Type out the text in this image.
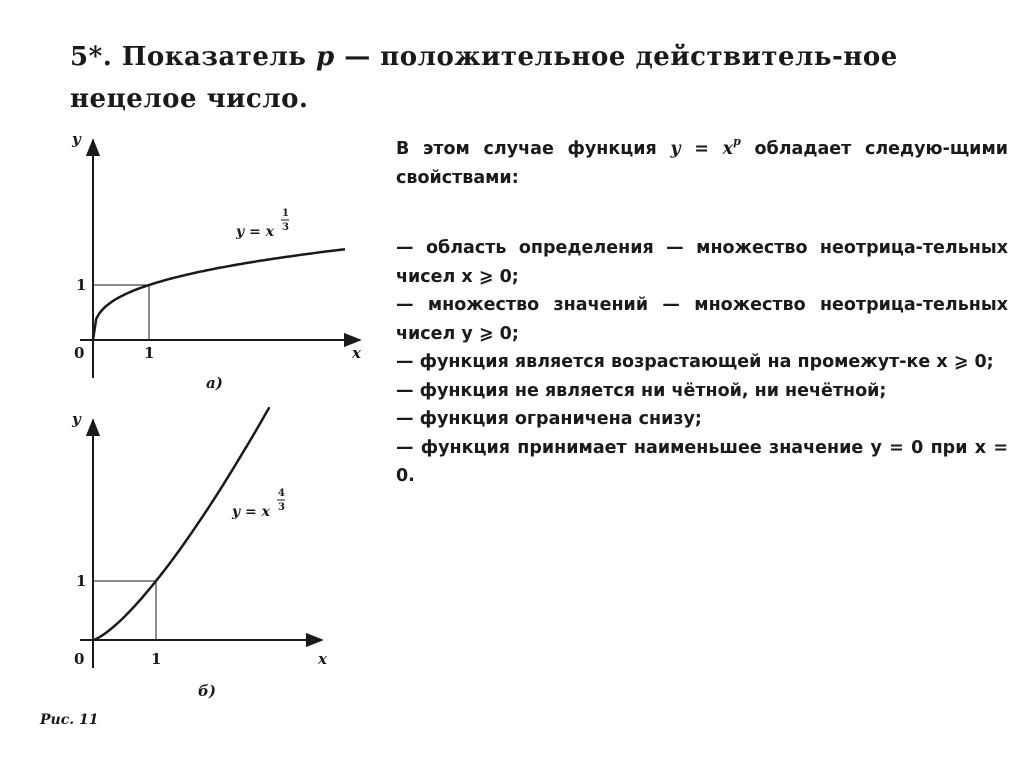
5*. Показатель p — положительное действитель-ное нецелое число.
y
x
0	1
1
y = x
1
3
а)
y
x
0	1
1
y = x
4
3
б)
Рис. 11

В этом случае функция $y = x^p$ обладает следую-щими свойствами:

— область определения — множество неотрица-тельных чисел x ⩾ 0;

— множество значений — множество неотрица-тельных чисел y ⩾ 0;

— функция является возрастающей на промежут-ке x ⩾ 0;

— функция не является ни чётной, ни нечётной;

— функция ограничена снизу;

— функция принимает наименьшее значение y = 0 при x = 0.
